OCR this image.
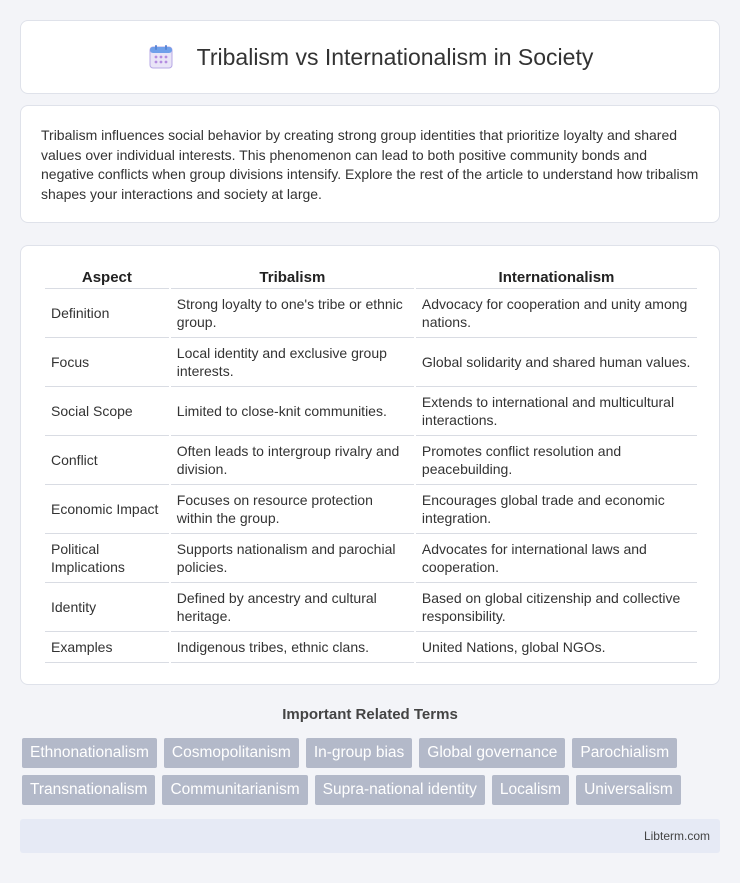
Tribalism vs Internationalism in Society

Tribalism influences social behavior by creating strong group identities that prioritize loyalty and shared values over individual interests. This phenomenon can lead to both positive community bonds and negative conflicts when group divisions intensify. Explore the rest of the article to understand how tribalism shapes your interactions and society at large.

Aspect	Tribalism	Internationalism
Definition	Strong loyalty to one's tribe or ethnic group.	Advocacy for cooperation and unity among nations.
Focus	Local identity and exclusive group interests.	Global solidarity and shared human values.
Social Scope	Limited to close-knit communities.	Extends to international and multicultural interactions.
Conflict	Often leads to intergroup rivalry and division.	Promotes conflict resolution and peacebuilding.
Economic Impact	Focuses on resource protection within the group.	Encourages global trade and economic integration.
Political Implications	Supports nationalism and parochial policies.	Advocates for international laws and cooperation.
Identity	Defined by ancestry and cultural heritage.	Based on global citizenship and collective responsibility.
Examples	Indigenous tribes, ethnic clans.	United Nations, global NGOs.
Important Related Terms
Ethnonationalism	Cosmopolitanism	In-group bias	Global governance	Parochialism
Transnationalism	Communitarianism	Supra-national identity	Localism	Universalism
Libterm.com
